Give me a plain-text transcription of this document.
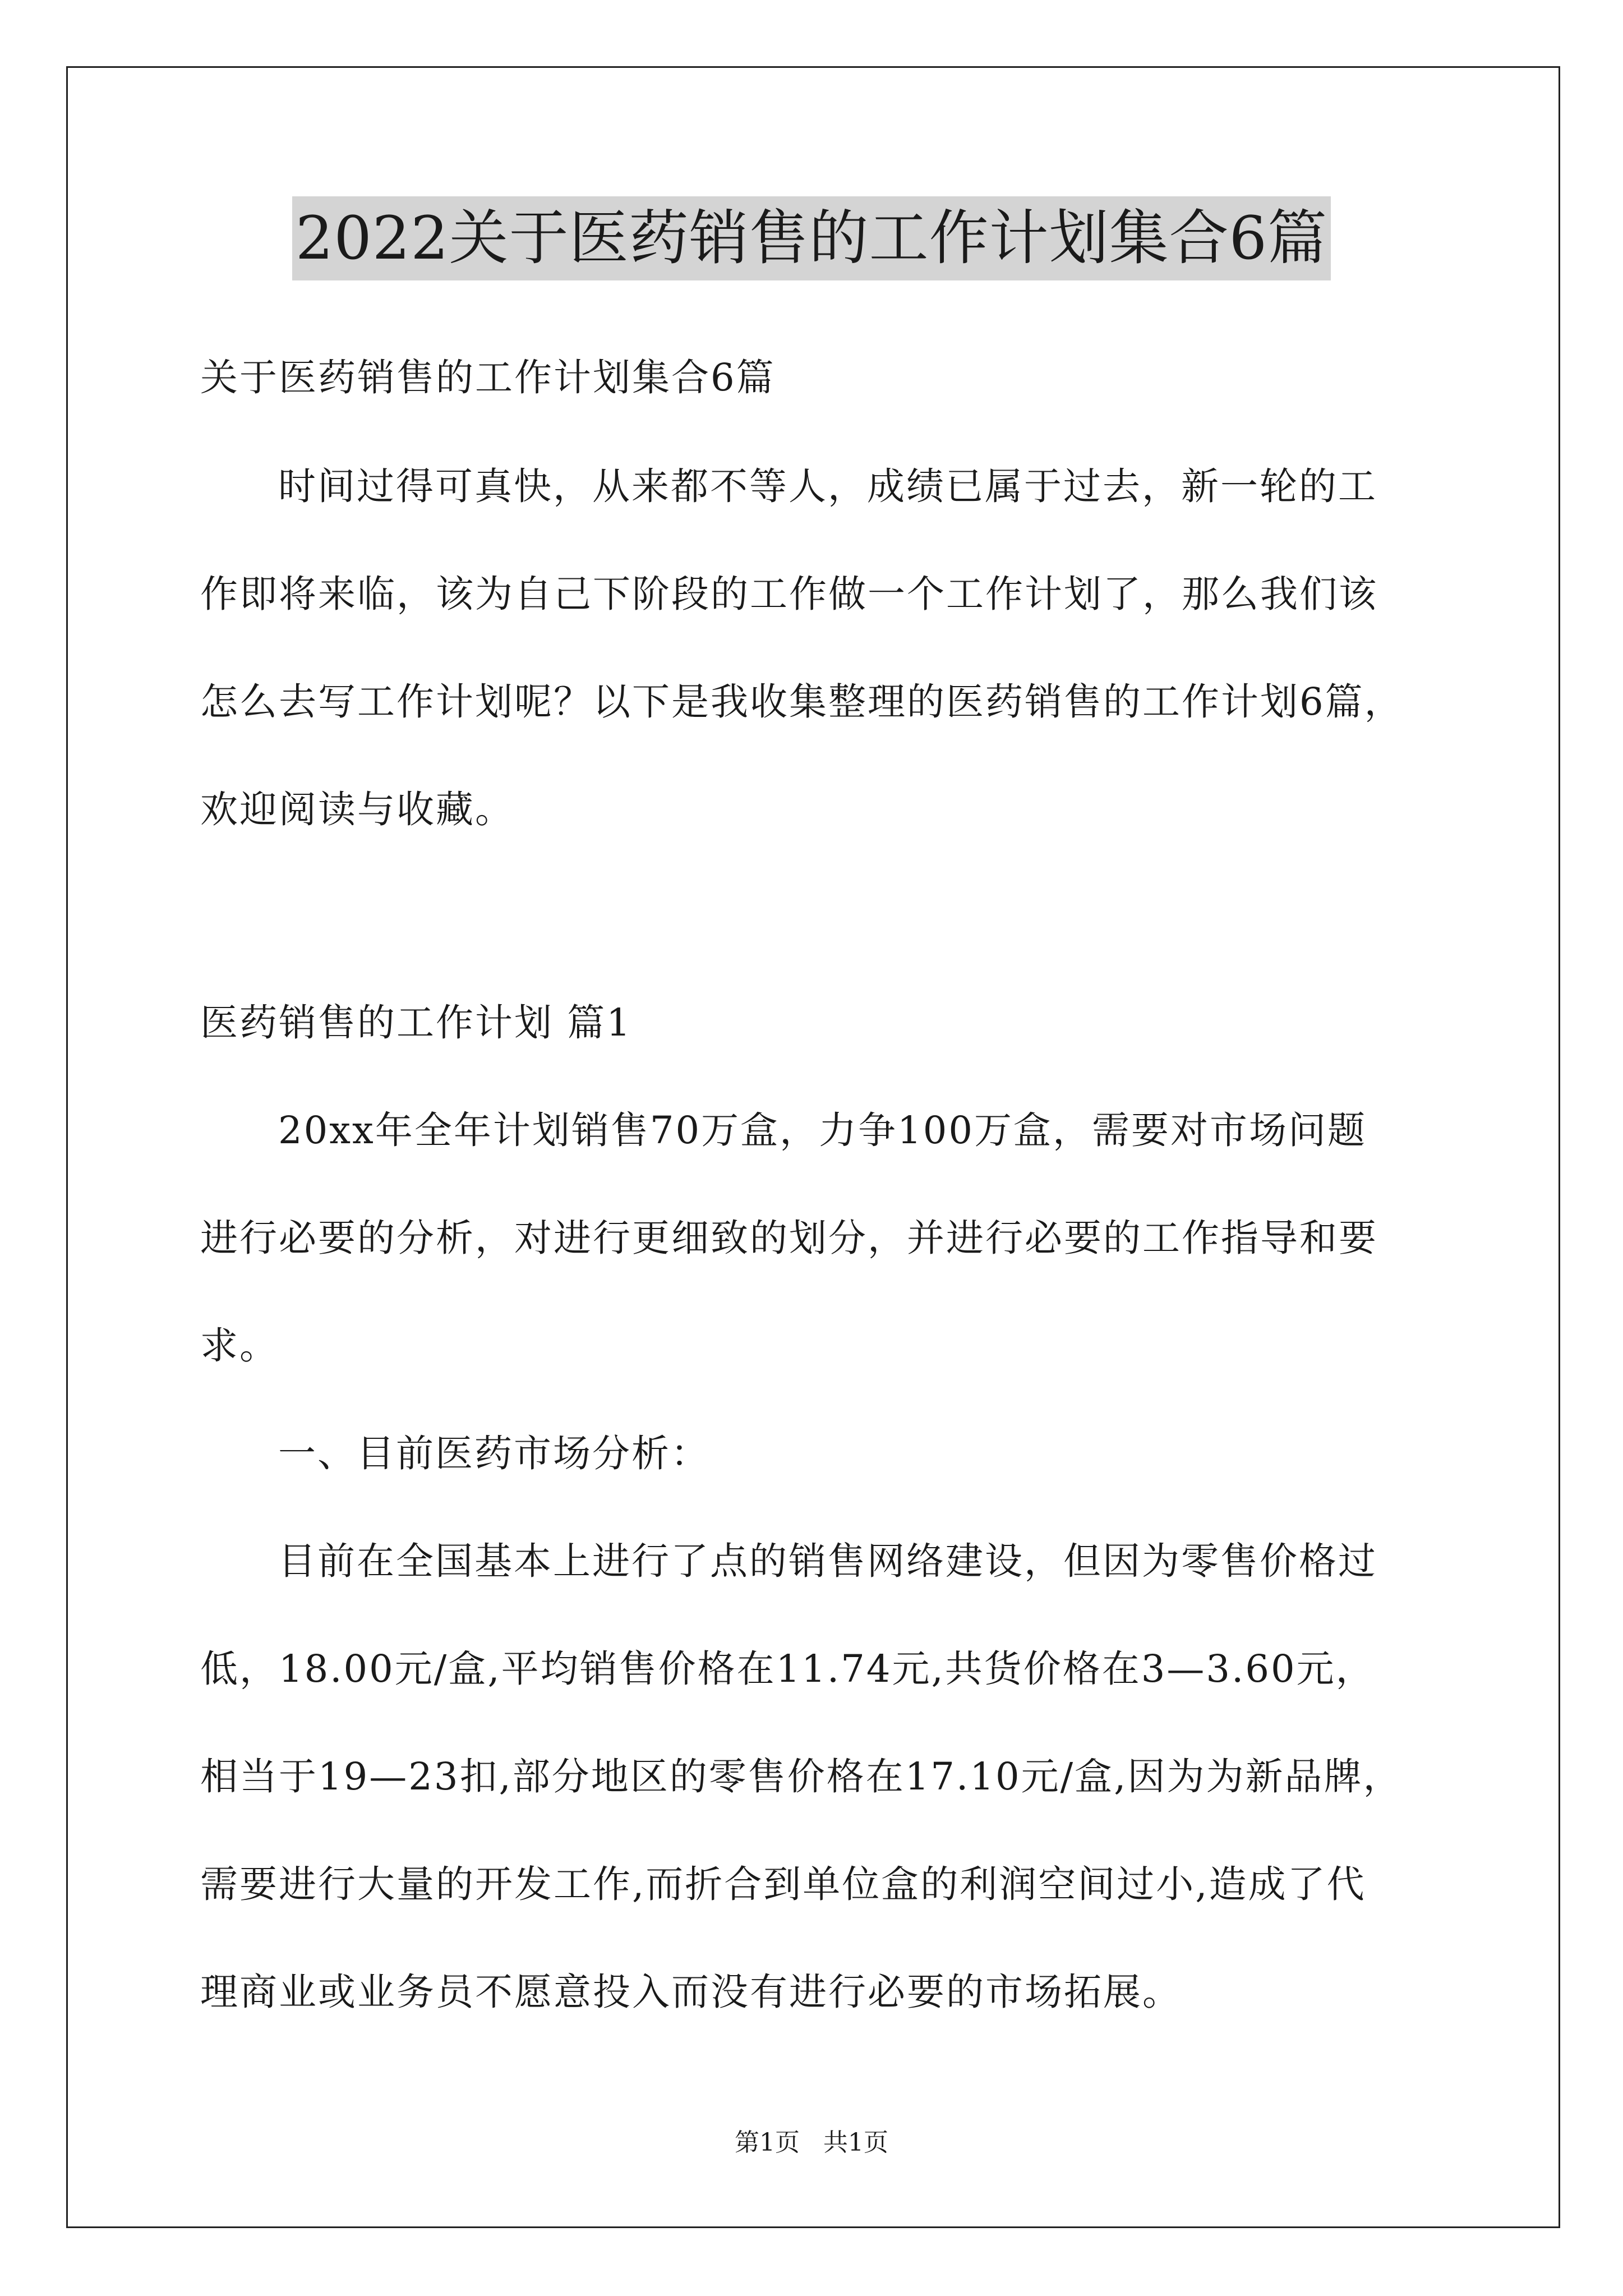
2022关于医药销售的工作计划集合6篇
关于医药销售的工作计划集合6篇
时间过得可真快，从来都不等人，成绩已属于过去，新一轮的工
作即将来临，该为自己下阶段的工作做一个工作计划了，那么我们该
怎么去写工作计划呢？以下是我收集整理的医药销售的工作计划6篇，
欢迎阅读与收藏。
医药销售的工作计划 篇1
20xx年全年计划销售70万盒，力争100万盒，需要对市场问题
进行必要的分析，对进行更细致的划分，并进行必要的工作指导和要
求。
一、目前医药市场分析：
目前在全国基本上进行了点的销售网络建设，但因为零售价格过
低，18.00元/盒,平均销售价格在11.74元,共货价格在3—3.60元，
相当于19—23扣,部分地区的零售价格在17.10元/盒,因为为新品牌，
需要进行大量的开发工作,而折合到单位盒的利润空间过小,造成了代
理商业或业务员不愿意投入而没有进行必要的市场拓展。
第1页   共1页
